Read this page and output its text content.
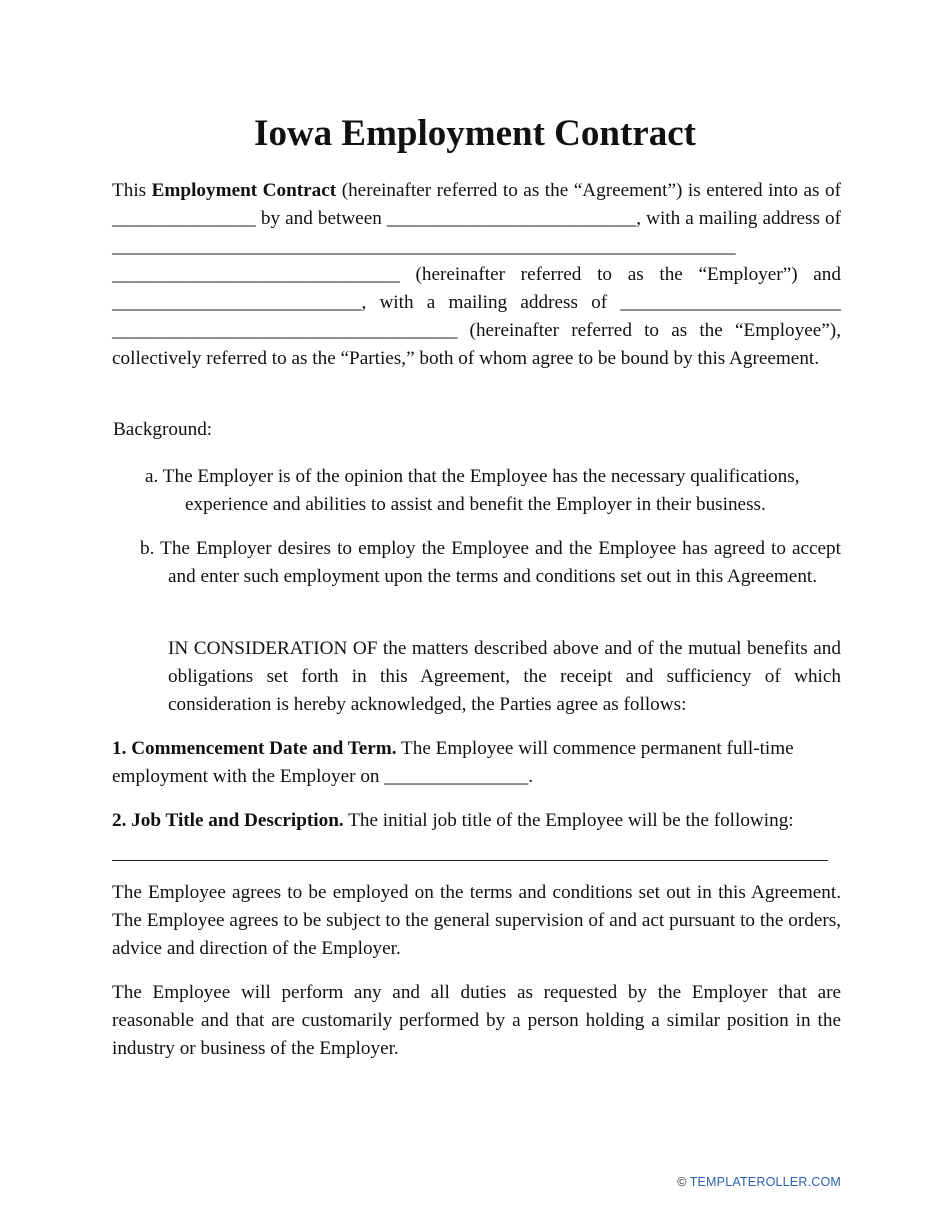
Iowa Employment Contract

This Employment Contract (hereinafter referred to as the “Agreement”) is entered into as of _______________ by and between __________________________, with a mailing address of _________________________________________________________________ ______________________________ (hereinafter referred to as the “Employer”) and __________________________, with a mailing address of _______________________ ____________________________________ (hereinafter referred to as the “Employee”), collectively referred to as the “Parties,” both of whom agree to be bound by this Agreement.

Background:

a. The Employer is of the opinion that the Employee has the necessary qualifications,
experience and abilities to assist and benefit the Employer in their business.

b. The Employer desires to employ the Employee and the Employee has agreed to accept and enter such employment upon the terms and conditions set out in this Agreement.

IN CONSIDERATION OF the matters described above and of the mutual benefits and obligations set forth in this Agreement, the receipt and sufficiency of which consideration is hereby acknowledged, the Parties agree as follows:

1. Commencement Date and Term. The Employee will commence permanent full-time employment with the Employer on _______________.

2. Job Title and Description. The initial job title of the Employee will be the following:

The Employee agrees to be employed on the terms and conditions set out in this Agreement. The Employee agrees to be subject to the general supervision of and act pursuant to the orders, advice and direction of the Employer.

The Employee will perform any and all duties as requested by the Employer that are reasonable and that are customarily performed by a person holding a similar position in the industry or business of the Employer.

© TEMPLATEROLLER.COM
